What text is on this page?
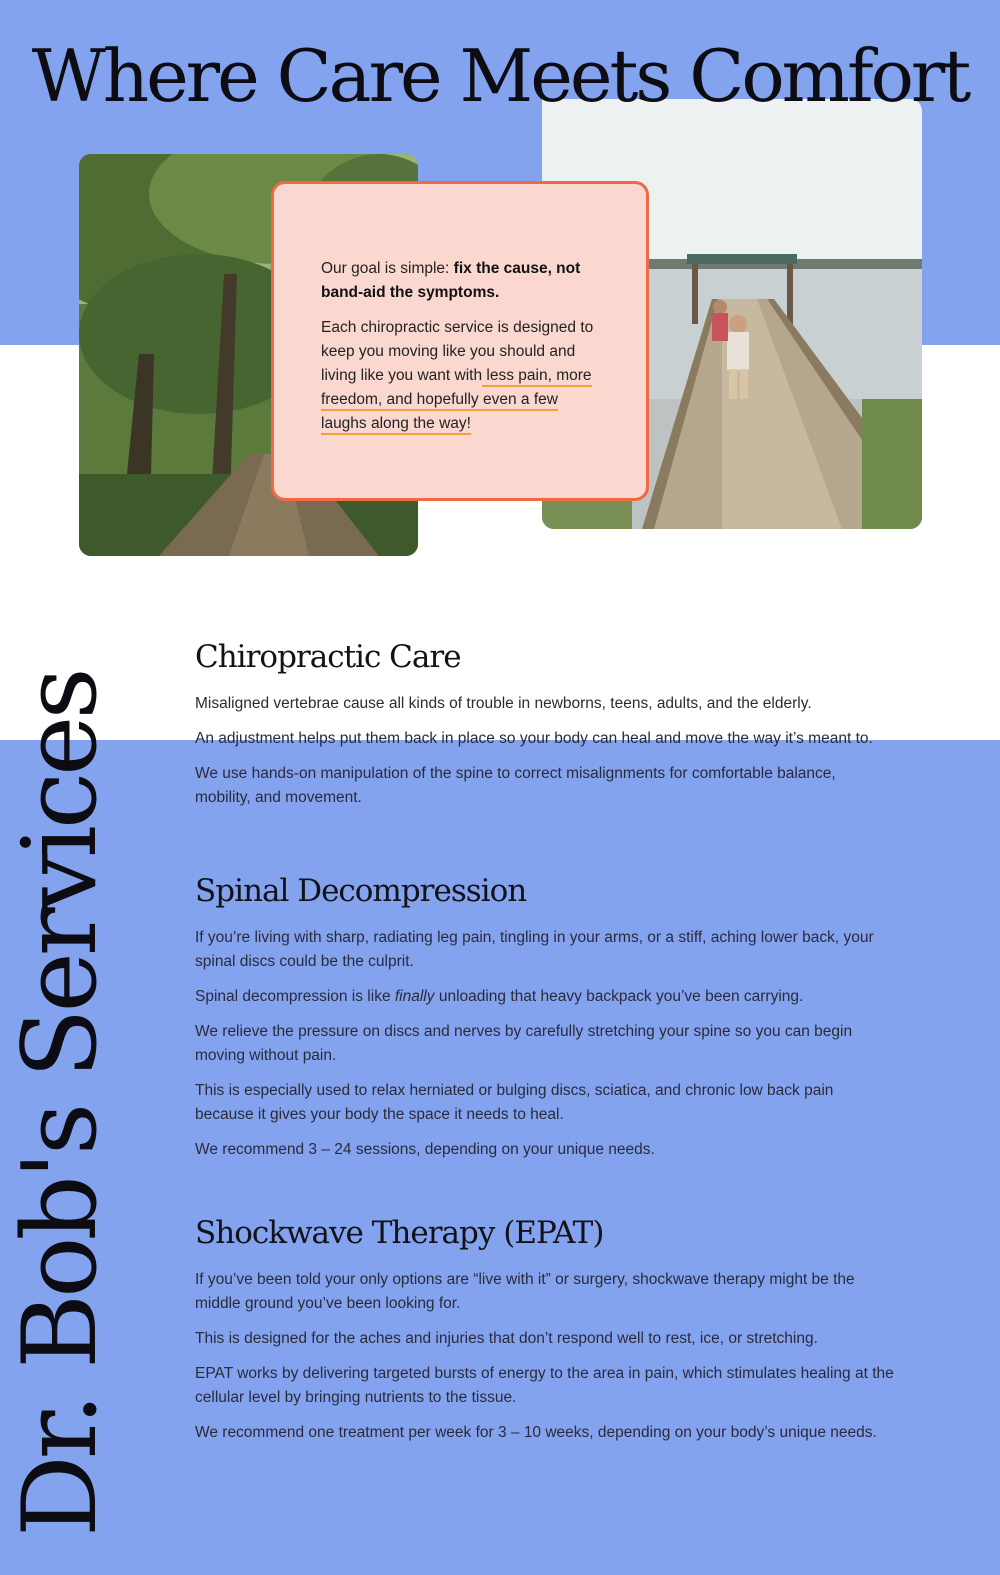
Where Care Meets Comfort

Our goal is simple: fix the cause, not band-aid the symptoms.

Each chiropractic service is designed to keep you moving like you should and living like you want with less pain, more freedom, and hopefully even a few laughs along the way!

Dr. Bob's Services
Chiropractic Care

Misaligned vertebrae cause all kinds of trouble in newborns, teens, adults, and the elderly.

An adjustment helps put them back in place so your body can heal and move the way it’s meant to.

We use hands-on manipulation of the spine to correct misalignments for comfortable balance, mobility, and movement.

Spinal Decompression

If you’re living with sharp, radiating leg pain, tingling in your arms, or a stiff, aching lower back, your spinal discs could be the culprit.

Spinal decompression is like finally unloading that heavy backpack you’ve been carrying.

We relieve the pressure on discs and nerves by carefully stretching your spine so you can begin moving without pain.

This is especially used to relax herniated or bulging discs, sciatica, and chronic low back pain because it gives your body the space it needs to heal.

We recommend 3 – 24 sessions, depending on your unique needs.

Shockwave Therapy (EPAT)

If you’ve been told your only options are “live with it” or surgery, shockwave therapy might be the middle ground you’ve been looking for.

This is designed for the aches and injuries that don’t respond well to rest, ice, or stretching.

EPAT works by delivering targeted bursts of energy to the area in pain, which stimulates healing at the cellular level by bringing nutrients to the tissue.

We recommend one treatment per week for 3 – 10 weeks, depending on your body’s unique needs.
